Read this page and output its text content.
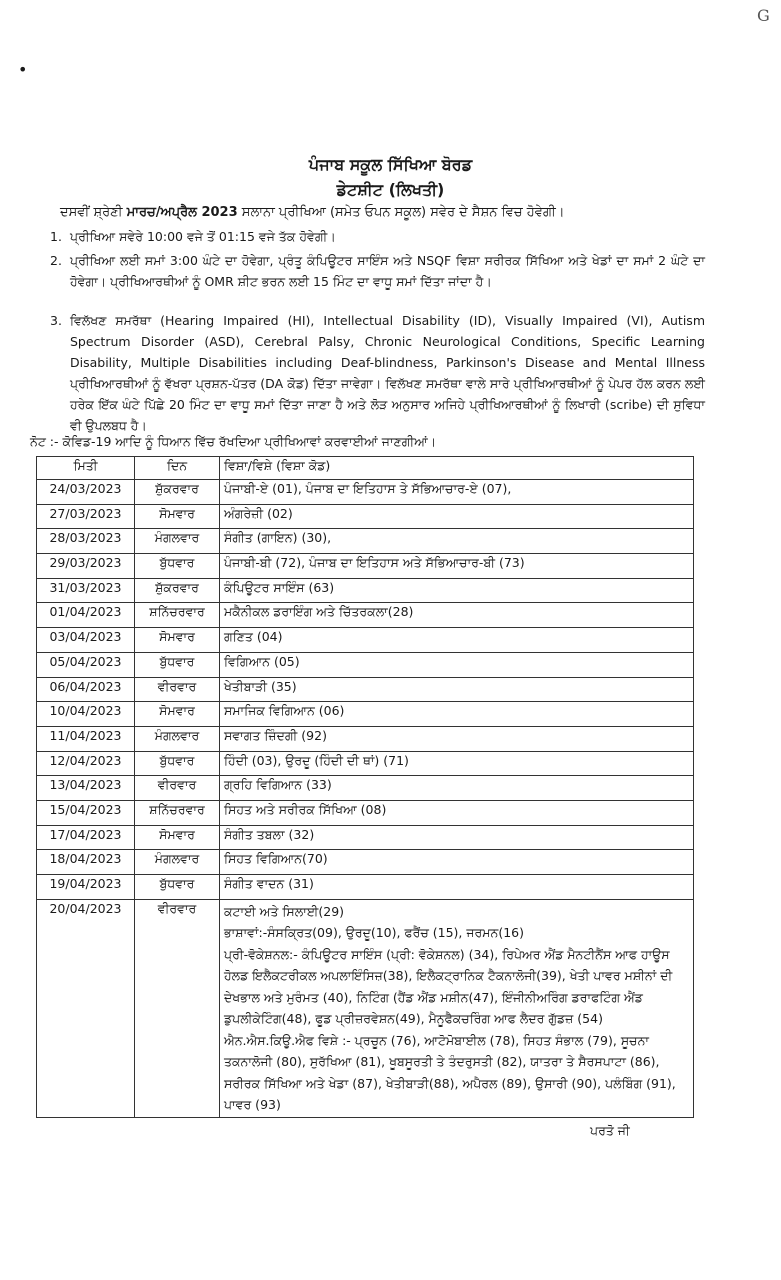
•
G
ਪੰਜਾਬ ਸਕੂਲ ਸਿੱਖਿਆ ਬੋਰਡ
ਡੇਟਸ਼ੀਟ (ਲਿਖਤੀ)
ਦਸਵੀਂ ਸ਼੍ਰੇਣੀ ਮਾਰਚ/ਅਪ੍ਰੈਲ 2023 ਸਲਾਨਾ ਪ੍ਰੀਖਿਆ (ਸਮੇਤ ਓਪਨ ਸਕੂਲ) ਸਵੇਰ ਦੇ ਸੈਸ਼ਨ ਵਿਚ ਹੋਵੇਗੀ।
1. ਪ੍ਰੀਖਿਆ ਸਵੇਰੇ 10:00 ਵਜੇ ਤੋਂ 01:15 ਵਜੇ ਤੱਕ ਹੋਵੇਗੀ।
2. ਪ੍ਰੀਖਿਆ ਲਈ ਸਮਾਂ 3:00 ਘੰਟੇ ਦਾ ਹੋਵੇਗਾ, ਪ੍ਰੰਤੂ ਕੰਪਿਊਟਰ ਸਾਇੰਸ ਅਤੇ NSQF ਵਿਸ਼ਾ ਸਰੀਰਕ ਸਿੱਖਿਆ ਅਤੇ ਖੇਡਾਂ ਦਾ ਸਮਾਂ 2 ਘੰਟੇ ਦਾ ਹੋਵੇਗਾ। ਪ੍ਰੀਖਿਆਰਥੀਆਂ ਨੂੰ OMR ਸ਼ੀਟ ਭਰਨ ਲਈ 15 ਮਿੰਟ ਦਾ ਵਾਧੂ ਸਮਾਂ ਦਿੱਤਾ ਜਾਂਦਾ ਹੈ।
3. ਵਿਲੱਖਣ ਸਮਰੱਥਾ (Hearing Impaired (HI), Intellectual Disability (ID), Visually Impaired (VI), Autism Spectrum Disorder (ASD), Cerebral Palsy, Chronic Neurological Conditions, Specific Learning Disability, Multiple Disabilities including Deaf-blindness, Parkinson's Disease and Mental Illness ਪ੍ਰੀਖਿਆਰਥੀਆਂ ਨੂੰ ਵੱਖਰਾ ਪ੍ਰਸ਼ਨ-ਪੱਤਰ (DA ਕੋਡ) ਦਿੱਤਾ ਜਾਵੇਗਾ। ਵਿਲੱਖਣ ਸਮਰੱਥਾ ਵਾਲੇ ਸਾਰੇ ਪ੍ਰੀਖਿਆਰਥੀਆਂ ਨੂੰ ਪੇਪਰ ਹੱਲ ਕਰਨ ਲਈ ਹਰੇਕ ਇੱਕ ਘੰਟੇ ਪਿੱਛੇ 20 ਮਿੰਟ ਦਾ ਵਾਧੂ ਸਮਾਂ ਦਿੱਤਾ ਜਾਣਾ ਹੈ ਅਤੇ ਲੋੜ ਅਨੁਸਾਰ ਅਜਿਹੇ ਪ੍ਰੀਖਿਆਰਥੀਆਂ ਨੂੰ ਲਿਖਾਰੀ (scribe) ਦੀ ਸੁਵਿਧਾ ਵੀ ਉਪਲਬਧ ਹੈ।
ਨੋਟ :- ਕੋਵਿਡ-19 ਆਦਿ ਨੂੰ ਧਿਆਨ ਵਿੱਚ ਰੱਖਦਿਆ ਪ੍ਰੀਖਿਆਵਾਂ ਕਰਵਾਈਆਂ ਜਾਣਗੀਆਂ।
ਮਿਤੀ	ਦਿਨ	ਵਿਸ਼ਾ/ਵਿਸ਼ੇ (ਵਿਸ਼ਾ ਕੋਡ)
24/03/2023	ਸ਼ੁੱਕਰਵਾਰ	ਪੰਜਾਬੀ-ਏ (01), ਪੰਜਾਬ ਦਾ ਇਤਿਹਾਸ ਤੇ ਸੱਭਿਆਚਾਰ-ਏ (07),
27/03/2023	ਸੋਮਵਾਰ	ਅੰਗਰੇਜ਼ੀ (02)
28/03/2023	ਮੰਗਲਵਾਰ	ਸੰਗੀਤ (ਗਾਇਨ) (30),
29/03/2023	ਬੁੱਧਵਾਰ	ਪੰਜਾਬੀ-ਬੀ (72), ਪੰਜਾਬ ਦਾ ਇਤਿਹਾਸ ਅਤੇ ਸੱਭਿਆਚਾਰ-ਬੀ (73)
31/03/2023	ਸ਼ੁੱਕਰਵਾਰ	ਕੰਪਿਊਟਰ ਸਾਇੰਸ (63)
01/04/2023	ਸ਼ਨਿੱਚਰਵਾਰ	ਮਕੈਨੀਕਲ ਡਰਾਇੰਗ ਅਤੇ ਚਿੱਤਰਕਲਾ(28)
03/04/2023	ਸੋਮਵਾਰ	ਗਣਿਤ (04)
05/04/2023	ਬੁੱਧਵਾਰ	ਵਿਗਿਆਨ (05)
06/04/2023	ਵੀਰਵਾਰ	ਖੇਤੀਬਾੜੀ (35)
10/04/2023	ਸੋਮਵਾਰ	ਸਮਾਜਿਕ ਵਿਗਿਆਨ (06)
11/04/2023	ਮੰਗਲਵਾਰ	ਸਵਾਗਤ ਜ਼ਿੰਦਗੀ (92)
12/04/2023	ਬੁੱਧਵਾਰ	ਹਿੰਦੀ (03), ਉਰਦੂ (ਹਿੰਦੀ ਦੀ ਥਾਂ) (71)
13/04/2023	ਵੀਰਵਾਰ	ਗ੍ਰਹਿ ਵਿਗਿਆਨ (33)
15/04/2023	ਸ਼ਨਿੱਚਰਵਾਰ	ਸਿਹਤ ਅਤੇ ਸਰੀਰਕ ਸਿੱਖਿਆ (08)
17/04/2023	ਸੋਮਵਾਰ	ਸੰਗੀਤ ਤਬਲਾ (32)
18/04/2023	ਮੰਗਲਵਾਰ	ਸਿਹਤ ਵਿਗਿਆਨ(70)
19/04/2023	ਬੁੱਧਵਾਰ	ਸੰਗੀਤ ਵਾਦਨ (31)
20/04/2023	ਵੀਰਵਾਰ	ਕਟਾਈ ਅਤੇ ਸਿਲਾਈ(29)
ਭਾਸ਼ਾਵਾਂ:-ਸੰਸਕ੍ਰਿਤ(09), ਉਰਦੂ(10), ਫਰੈਂਚ (15), ਜਰਮਨ(16)
ਪ੍ਰੀ-ਵੋਕੇਸ਼ਨਲ:- ਕੰਪਿਊਟਰ ਸਾਇੰਸ (ਪ੍ਰੀ: ਵੋਕੇਸ਼ਨਲ) (34), ਰਿਪੇਅਰ ਐਂਡ ਮੈਨਟੀਨੈਂਸ ਆਫ ਹਾਊਸ ਹੋਲਡ ਇਲੈਕਟਰੀਕਲ ਅਪਲਾਇੰਸਿਜ਼(38), ਇਲੈਕਟ੍ਰਾਨਿਕ ਟੈਕਨਾਲੋਜੀ(39), ਖੇਤੀ ਪਾਵਰ ਮਸ਼ੀਨਾਂ ਦੀ ਦੇਖਭਾਲ ਅਤੇ ਮੁਰੰਮਤ (40), ਨਿਟਿੰਗ (ਹੈਂਡ ਐਂਡ ਮਸ਼ੀਨ(47), ਇੰਜੀਨੀਅਰਿੰਗ ਡਰਾਫਟਿੰਗ ਐਂਡ ਡੁਪਲੀਕੇਟਿੰਗ(48), ਫੂਡ ਪ੍ਰੀਜ਼ਰਵੇਸ਼ਨ(49), ਮੈਨੂਫੈਕਚਰਿੰਗ ਆਫ ਲੈਦਰ ਗੁੱਡਜ਼ (54)
ਐਨ.ਐਸ.ਕਿਊ.ਐਫ ਵਿਸ਼ੇ :- ਪ੍ਰਚੂਨ (76), ਆਟੋਮੋਬਾਈਲ (78), ਸਿਹਤ ਸੰਭਾਲ (79), ਸੂਚਨਾ ਤਕਨਾਲੋਜੀ (80), ਸੁਰੱਖਿਆ (81), ਖੂਬਸੂਰਤੀ ਤੇ ਤੰਦਰੁਸਤੀ (82), ਯਾਤਰਾ ਤੇ ਸੈਰਸਪਾਟਾ (86), ਸਰੀਰਕ ਸਿੱਖਿਆ ਅਤੇ ਖੇਡਾ (87), ਖੇਤੀਬਾੜੀ(88), ਅਪੈਰਲ (89), ਉਸਾਰੀ (90), ਪਲੰਬਿੰਗ (91), ਪਾਵਰ (93)
ਪਰਤੋ ਜੀ
